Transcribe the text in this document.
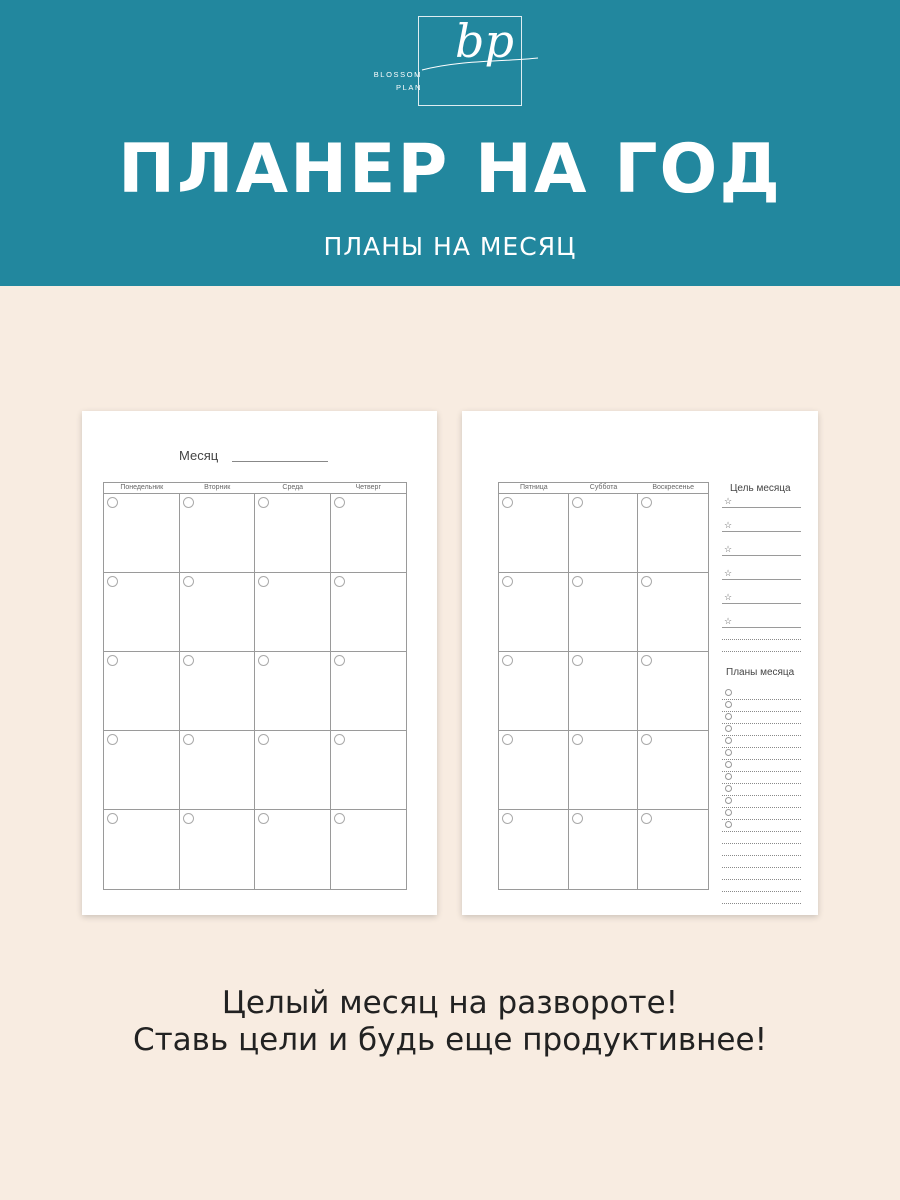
bp
BLOSSOM
PLAN
ПЛАНЕР НА ГОД
ПЛАНЫ НА МЕСЯЦ
Месяц
Понедельник	Вторник	Среда	Четверг	Пятница	Суббота	Воскресенье	Цель месяца
☆
☆
☆
☆
☆
☆
Планы месяца
Целый месяц на развороте!
Ставь цели и будь еще продуктивнее!
